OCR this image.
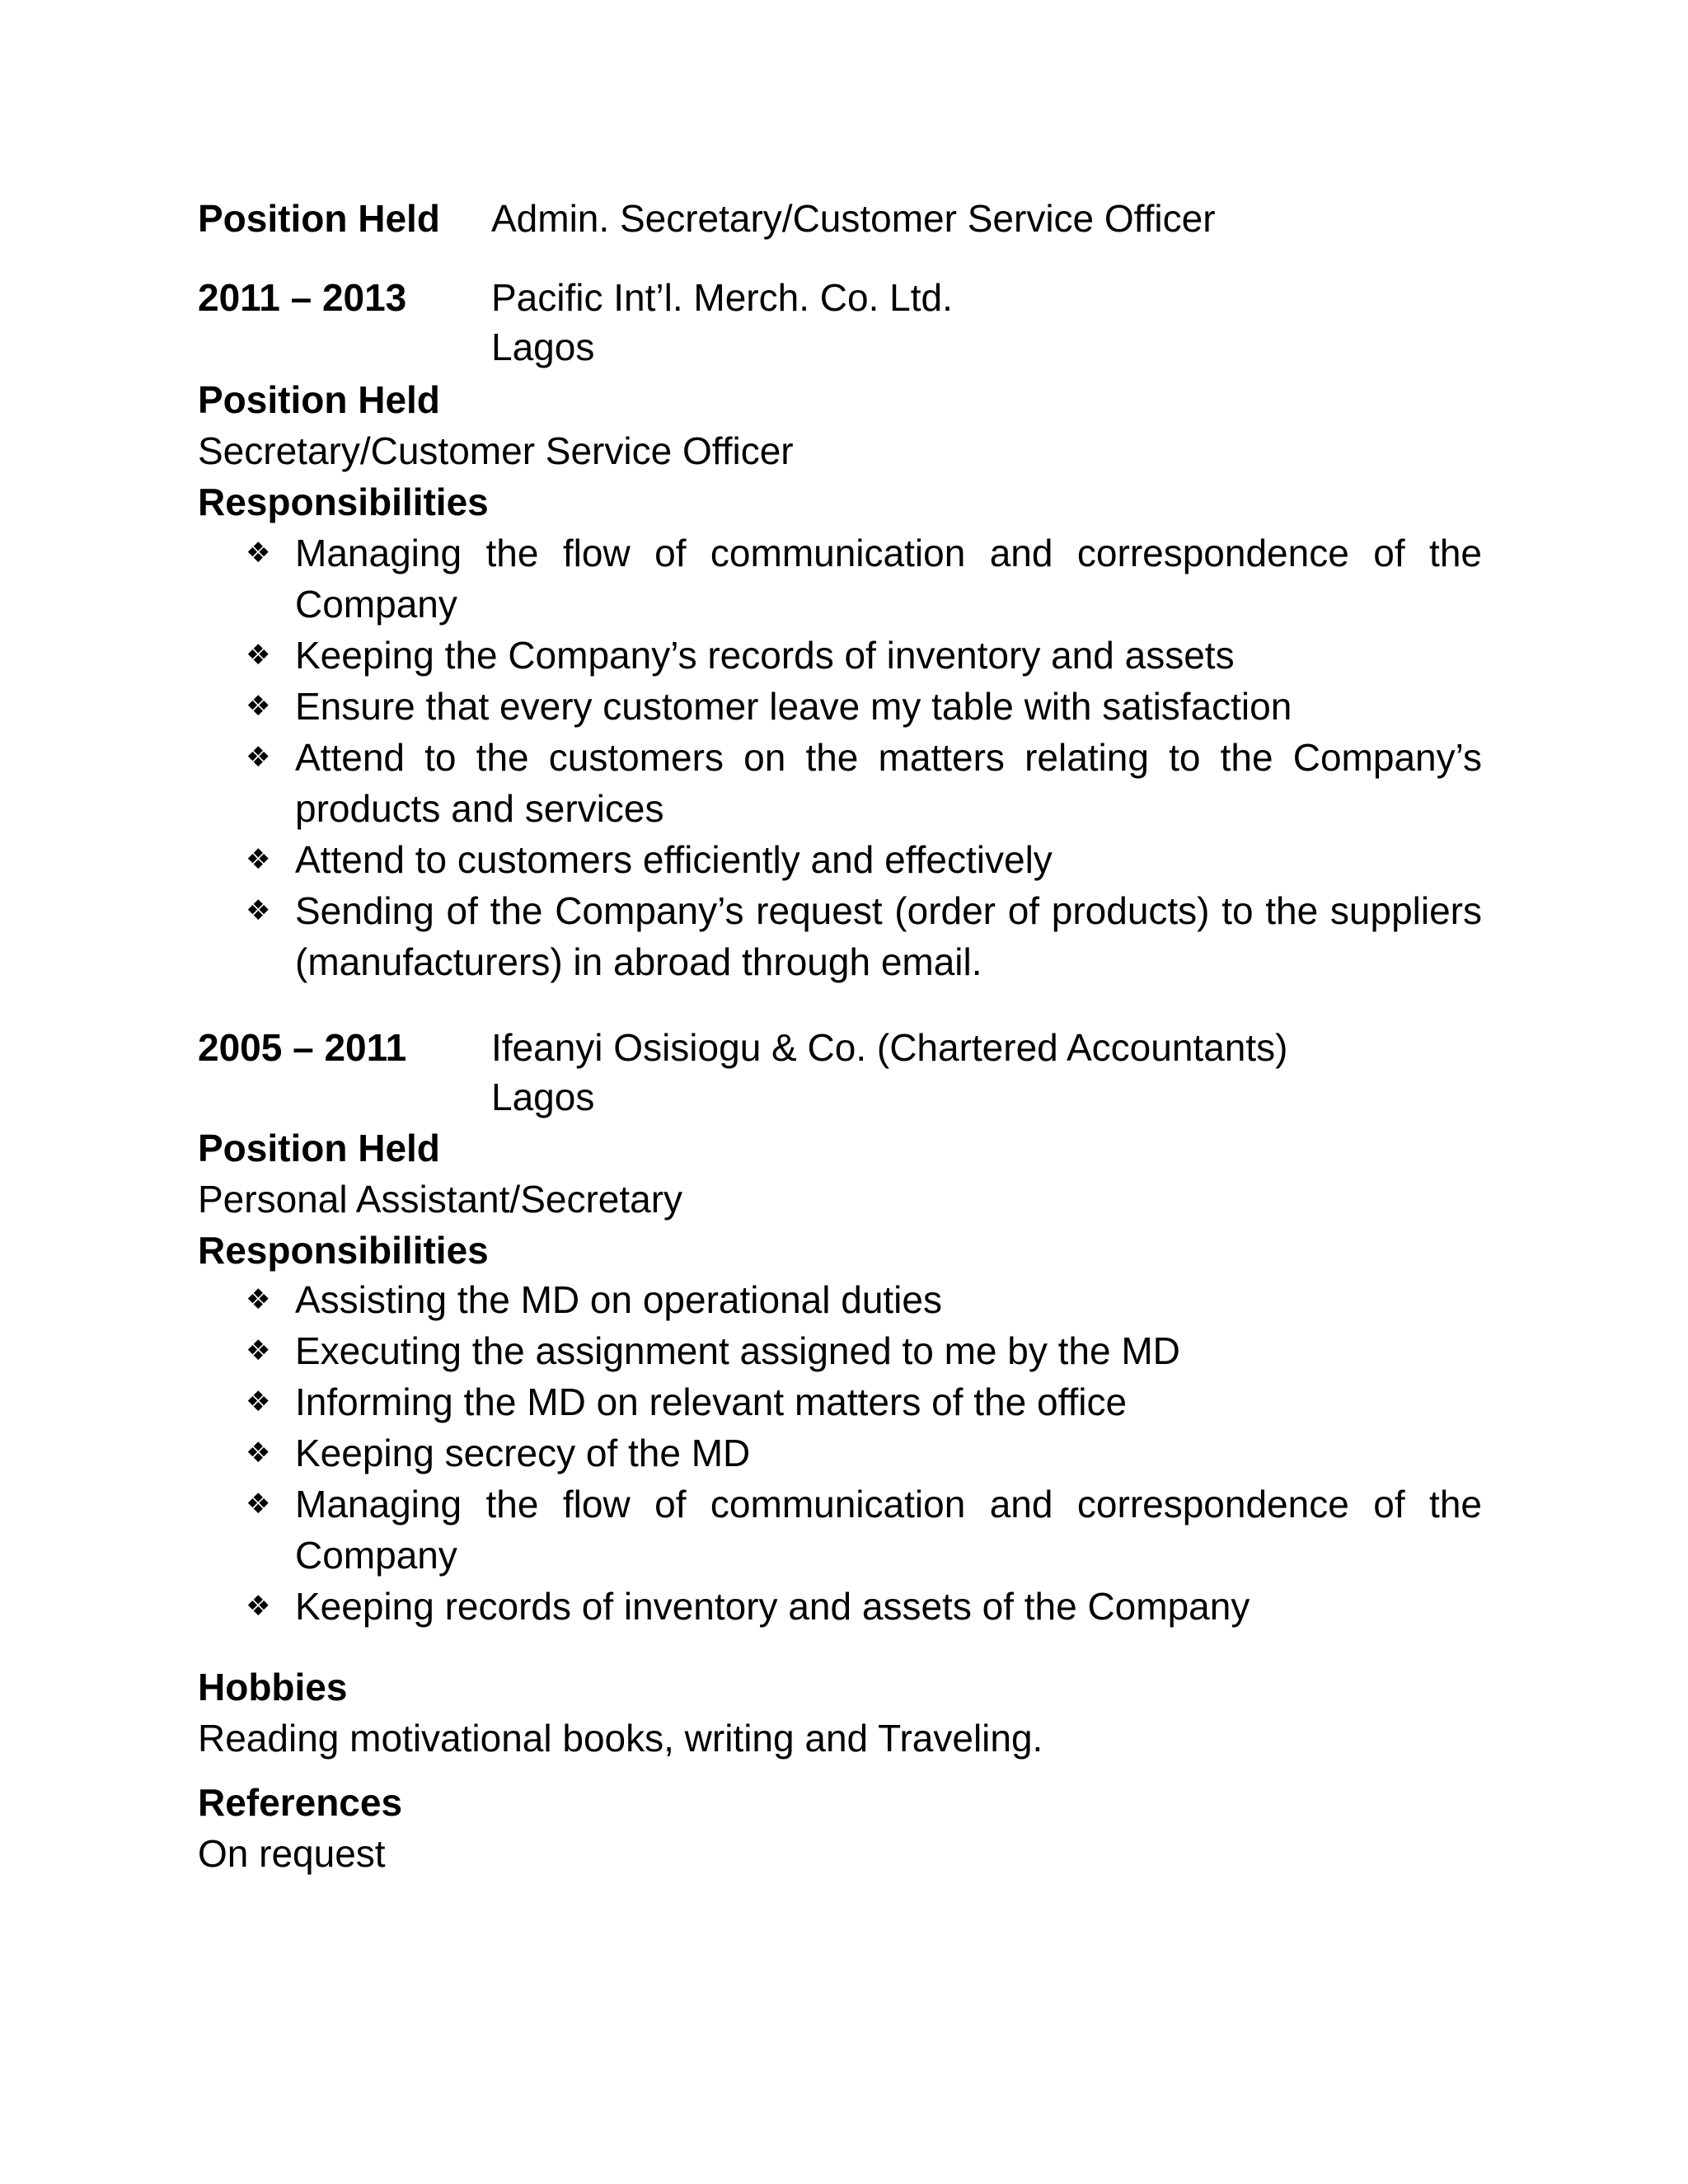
Position Held Admin. Secretary/Customer Service Officer
2011 – 2013 Pacific Int’l. Merch. Co. Ltd.
Lagos
Position Held
Secretary/Customer Service Officer
Responsibilities
❖ Managing the flow of communication and correspondence of the Company
❖ Keeping the Company’s records of inventory and assets
❖ Ensure that every customer leave my table with satisfaction
❖ Attend to the customers on the matters relating to the Company’s products and services
❖ Attend to customers efficiently and effectively
❖ Sending of the Company’s request (order of products) to the suppliers (manufacturers) in abroad through email.
2005 – 2011 Ifeanyi Osisiogu & Co. (Chartered Accountants)
Lagos
Position Held
Personal Assistant/Secretary
Responsibilities
❖ Assisting the MD on operational duties
❖ Executing the assignment assigned to me by the MD
❖ Informing the MD on relevant matters of the office
❖ Keeping secrecy of the MD
❖ Managing the flow of communication and correspondence of the Company
❖ Keeping records of inventory and assets of the Company
Hobbies
Reading motivational books, writing and Traveling.
References
On request
